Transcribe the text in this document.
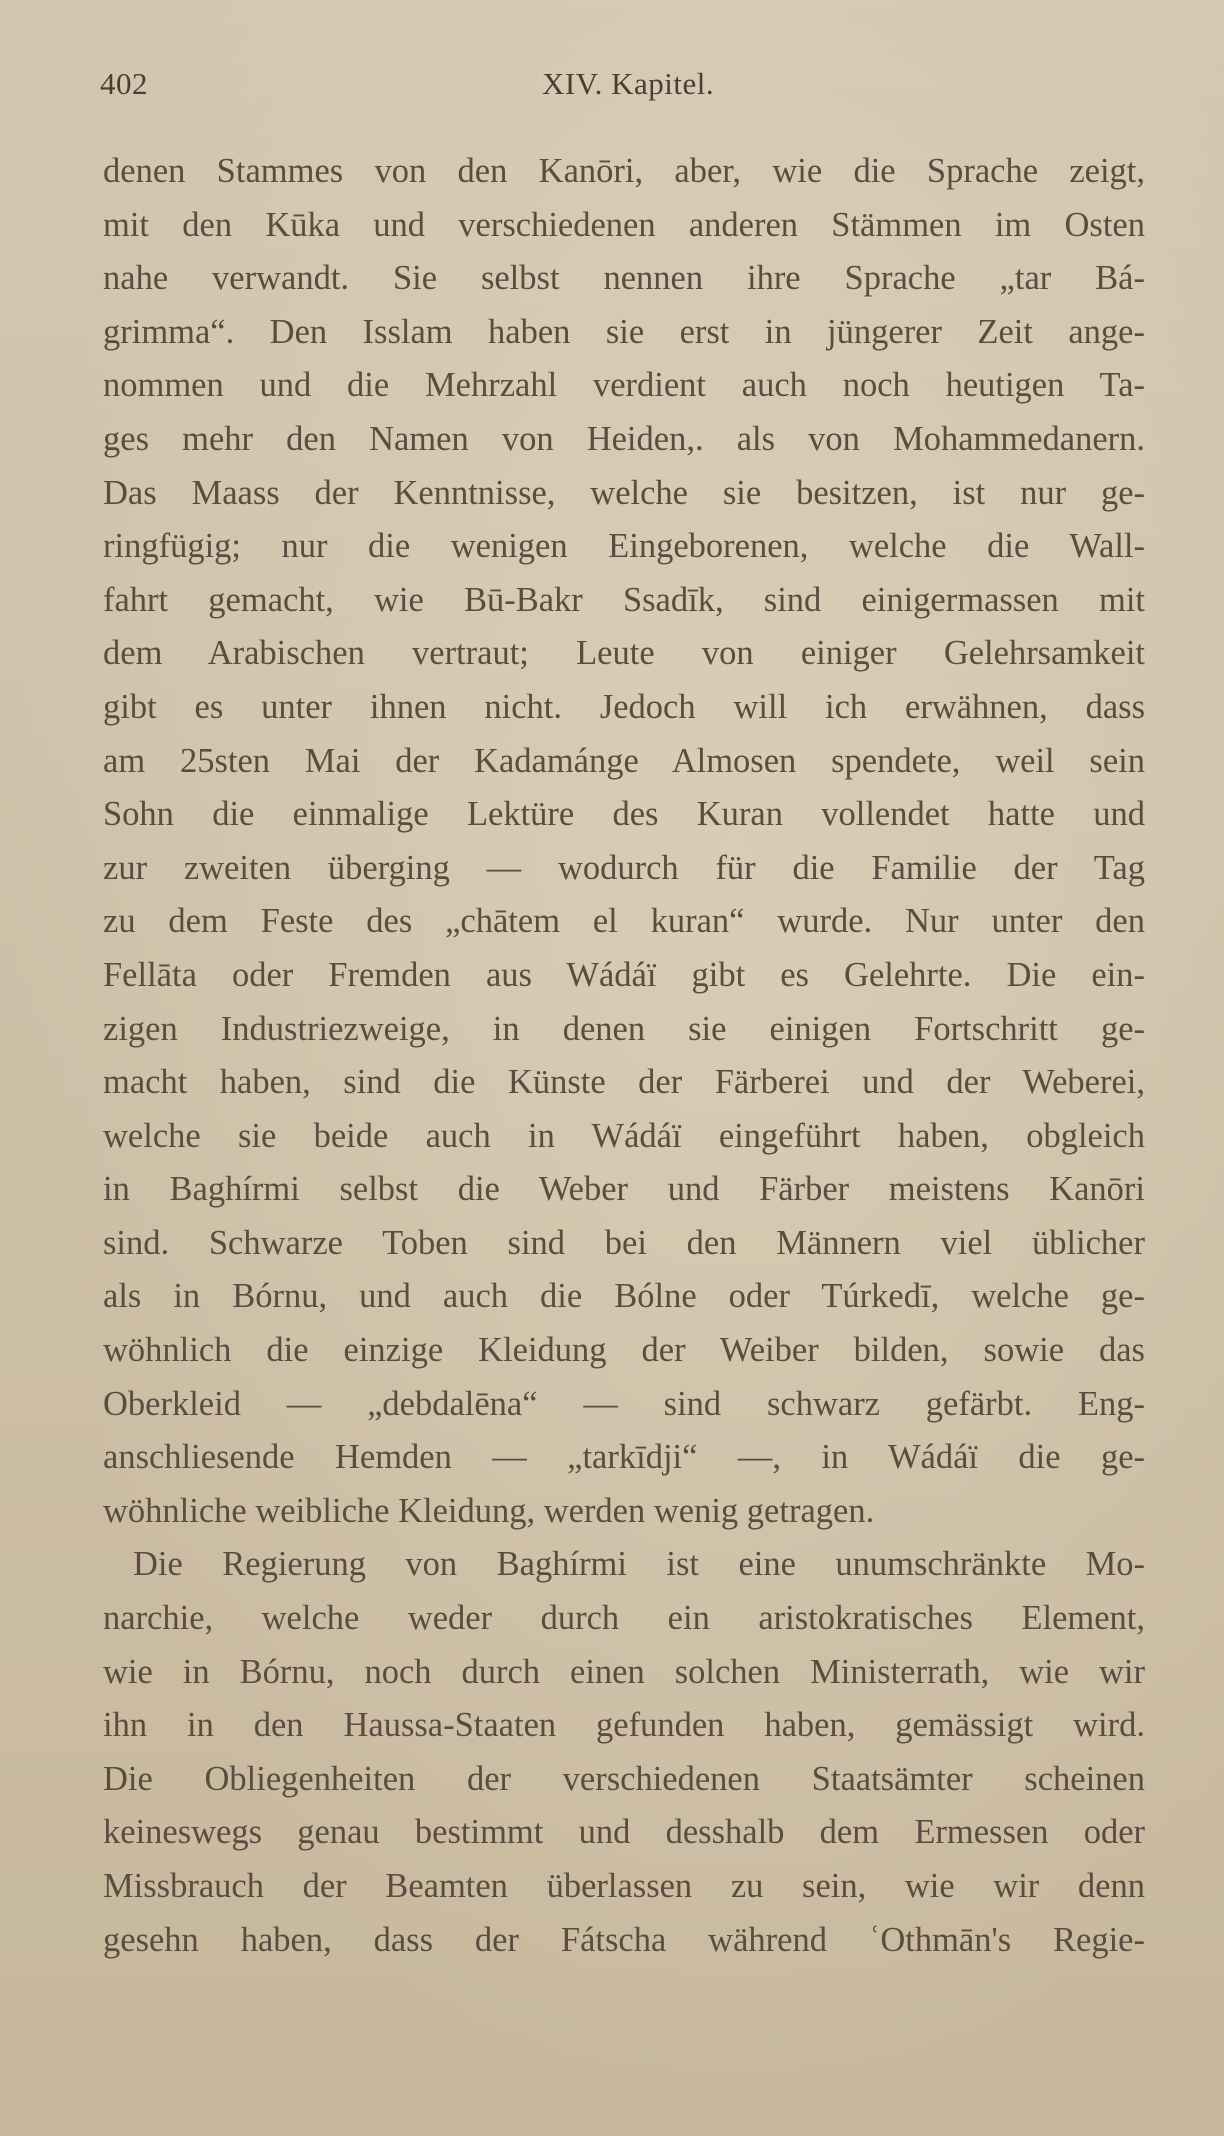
402	XIV. Kapitel.
denen Stammes von den Kanōri, aber, wie die Sprache zeigt,
mit den Kūka und verschiedenen anderen Stämmen im Osten
nahe verwandt. Sie selbst nennen ihre Sprache „tar Bá-
grimma“. Den Isslam haben sie erst in jüngerer Zeit ange-
nommen und die Mehrzahl verdient auch noch heutigen Ta-
ges mehr den Namen von Heiden,. als von Mohammedanern.
Das Maass der Kenntnisse, welche sie besitzen, ist nur ge-
ringfügig; nur die wenigen Eingeborenen, welche die Wall-
fahrt gemacht, wie Bū-Bakr Ssadīk, sind einigermassen mit
dem Arabischen vertraut; Leute von einiger Gelehrsamkeit
gibt es unter ihnen nicht. Jedoch will ich erwähnen, dass
am 25sten Mai der Kadamánge Almosen spendete, weil sein
Sohn die einmalige Lektüre des Kuran vollendet hatte und
zur zweiten überging — wodurch für die Familie der Tag
zu dem Feste des „chātem el kuran“ wurde. Nur unter den
Fellāta oder Fremden aus Wádáï gibt es Gelehrte. Die ein-
zigen Industriezweige, in denen sie einigen Fortschritt ge-
macht haben, sind die Künste der Färberei und der Weberei,
welche sie beide auch in Wádáï eingeführt haben, obgleich
in Baghírmi selbst die Weber und Färber meistens Kanōri
sind. Schwarze Toben sind bei den Männern viel üblicher
als in Bórnu, und auch die Bólne oder Túrkedī, welche ge-
wöhnlich die einzige Kleidung der Weiber bilden, sowie das
Oberkleid — „debdalēna“ — sind schwarz gefärbt. Eng-
anschliesende Hemden — „tarkīdji“ —, in Wádáï die ge-
wöhnliche weibliche Kleidung, werden wenig getragen.
Die Regierung von Baghírmi ist eine unumschränkte Mo-
narchie, welche weder durch ein aristokratisches Element,
wie in Bórnu, noch durch einen solchen Ministerrath, wie wir
ihn in den Haussa-Staaten gefunden haben, gemässigt wird.
Die Obliegenheiten der verschiedenen Staatsämter scheinen
keineswegs genau bestimmt und desshalb dem Ermessen oder
Missbrauch der Beamten überlassen zu sein, wie wir denn
gesehn haben, dass der Fátscha während ʿOthmān's Regie-
